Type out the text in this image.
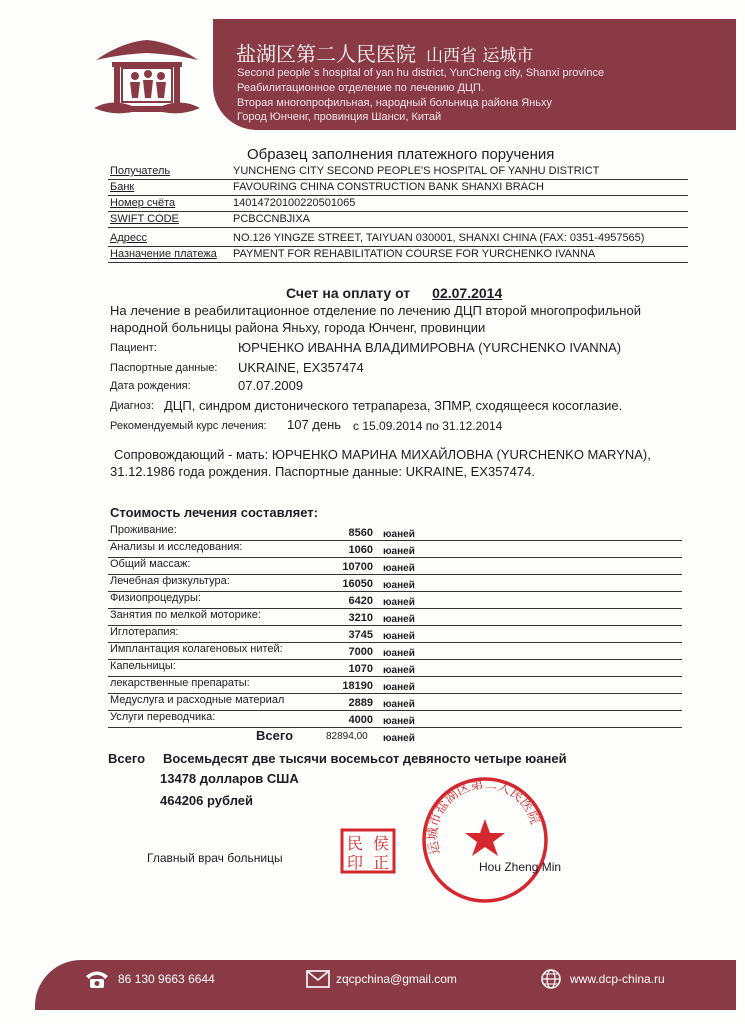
盐湖区第二人民医院 山西省 运城市
Second people`s hospital of yan hu district, YunCheng city, Shanxi province
Реабилитационное отделение по лечению ДЦП.
Вторая многопрофильная, народный больница района Яньху
Город Юнченг, провинция Шанси, Китай
Образец заполнения платежного поручения
Получатель	YUNCHENG CITY SECOND PEOPLE'S HOSPITAL OF YANHU DISTRICT
Банк	FAVOURING CHINA CONSTRUCTION BANK SHANXI BRACH
Номер счёта	14014720100220501065
SWIFT CODE	PCBCCNBJIXA
Адресс	NO.126 YINGZE STREET, TAIYUAN 030001, SHANXI CHINA (FAX: 0351-4957565)
Назначение платежа PAYMENT FOR REHABILITATION COURSE FOR YURCHENKO IVANNA
Счет на оплату от 02.07.2014
На лечение в реабилитационное отделение по лечению ДЦП второй многопрофильной народной больницы района Яньху, города Юнченг, провинции
Пациент:	ЮРЧЕНКО ИВАННА ВЛАДИМИРОВНА (YURCHENKO IVANNA)
Паспортные данные: UKRAINE, EX357474
Дата рождения:	07.07.2009
Диагноз: ДЦП, синдром дистонического тетрапареза, ЗПМР, сходящееся косоглазие.
Рекомендуемый курс лечения: 107 день с 15.09.2014 по 31.12.2014
Сопровождающий - мать: ЮРЧЕНКО МАРИНА МИХАЙЛОВНА (YURCHENKO MARYNA), 31.12.1986 года рождения. Паспортные данные: UKRAINE, EX357474.
Стоимость лечения составляет:
Проживание:	8560 юаней
Анализы и исследования:	1060 юаней
Общий массаж:	10700 юаней
Лечебная физкультура:	16050 юаней
Физиопроцедуры:	6420 юаней
Занятия по мелкой моторике:	3210 юаней
Иглотерапия:	3745 юаней
Имплантация колагеновых нитей:	7000 юаней
Капельницы:	1070 юаней
лекарственные препараты:	18190 юаней
Медуслуга и расходные материал	2889 юаней
Услуги переводчика:	4000 юаней
Всего	82894,00 юаней
Всего Восемьдесят две тысячи восемьсот девяносто четыре юаней
13478 долларов США
464206 рублей
Главный врач больницы
民 侯
印 正
运城市盐湖区第二人民医院
Hou Zheng Min
86 130 9663 6644	zqcpchina@gmail.com	www.dcp-china.ru
